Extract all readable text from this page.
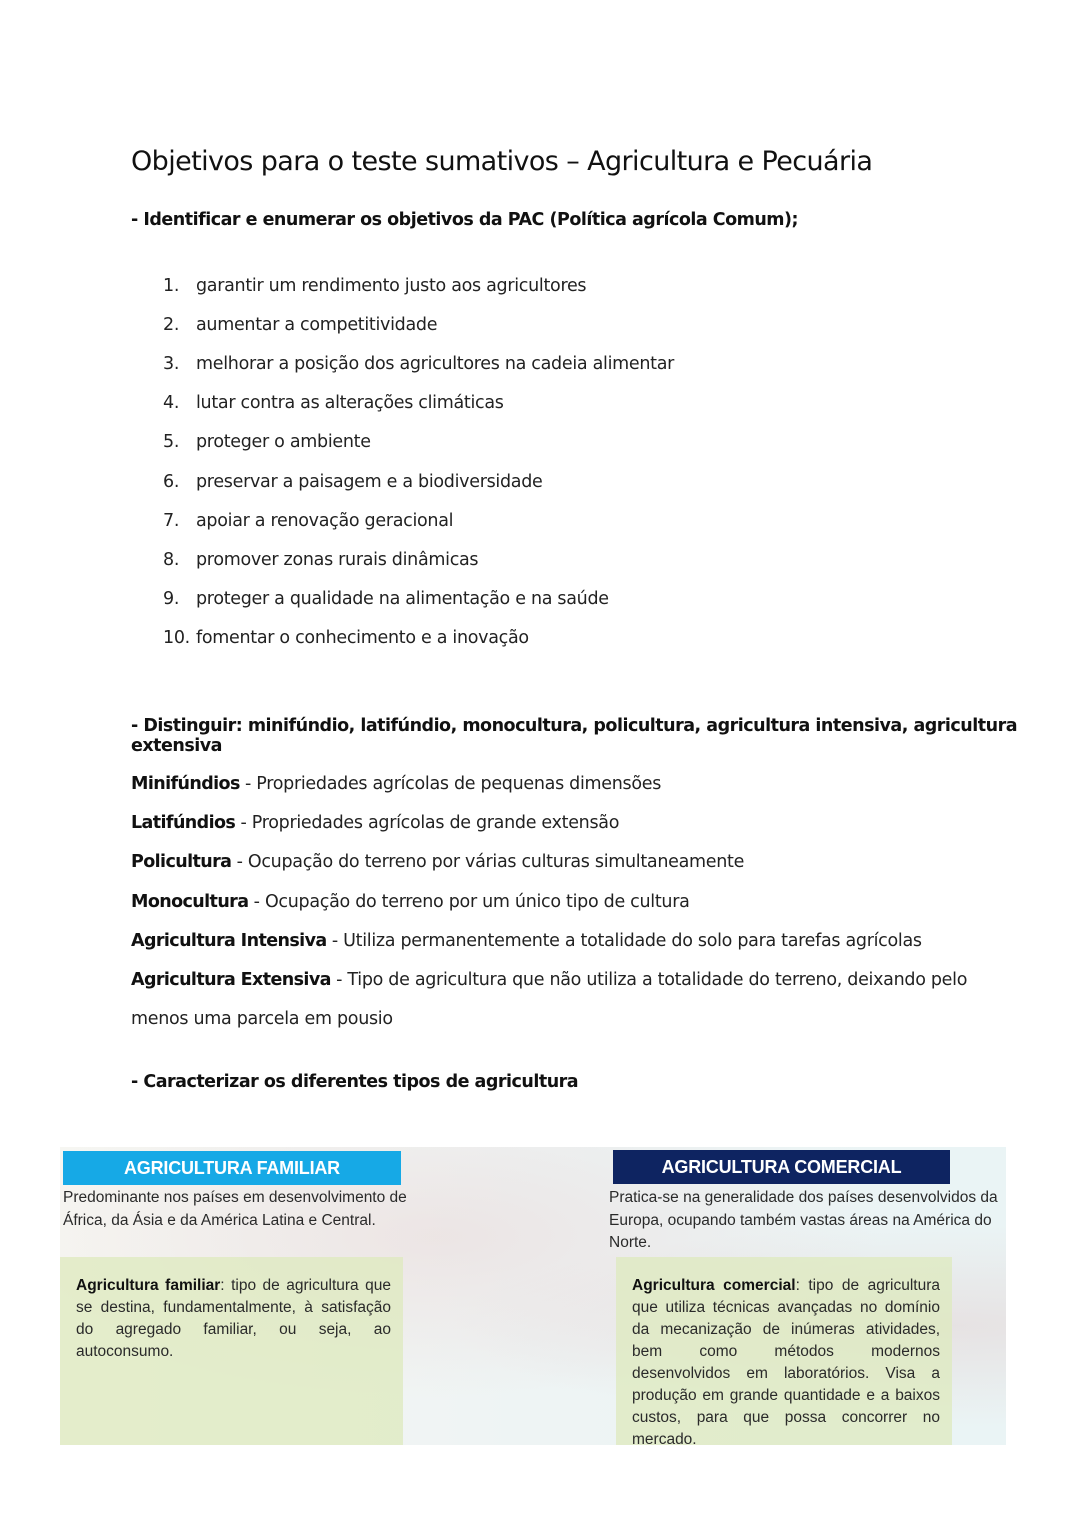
Objetivos para o teste sumativos – Agricultura e Pecuária
- Identificar e enumerar os objetivos da PAC (Política agrícola Comum);
1. garantir um rendimento justo aos agricultores
2. aumentar a competitividade
3. melhorar a posição dos agricultores na cadeia alimentar
4. lutar contra as alterações climáticas
5. proteger o ambiente
6. preservar a paisagem e a biodiversidade
7. apoiar a renovação geracional
8. promover zonas rurais dinâmicas
9. proteger a qualidade na alimentação e na saúde
10. fomentar o conhecimento e a inovação
- Distinguir: minifúndio, latifúndio, monocultura, policultura, agricultura intensiva, agricultura extensiva
Minifúndios - Propriedades agrícolas de pequenas dimensões
Latifúndios - Propriedades agrícolas de grande extensão
Policultura - Ocupação do terreno por várias culturas simultaneamente
Monocultura - Ocupação do terreno por um único tipo de cultura
Agricultura Intensiva - Utiliza permanentemente a totalidade do solo para tarefas agrícolas
Agricultura Extensiva - Tipo de agricultura que não utiliza a totalidade do terreno, deixando pelo menos uma parcela em pousio
- Caracterizar os diferentes tipos de agricultura
AGRICULTURA FAMILIAR
Predominante nos países em desenvolvimento de África, da Ásia e da América Latina e Central.
Agricultura familiar: tipo de agricultura que se destina, fundamentalmente, à satisfação do agregado familiar, ou seja, ao autoconsumo.
AGRICULTURA COMERCIAL
Pratica-se na generalidade dos países desenvolvidos da Europa, ocupando também vastas áreas na América do Norte.
Agricultura comercial: tipo de agricultura que utiliza técnicas avançadas no domínio da mecanização de inúmeras atividades, bem como métodos modernos desenvolvidos em laboratórios. Visa a produção em grande quantidade e a baixos custos, para que possa concorrer no mercado.
